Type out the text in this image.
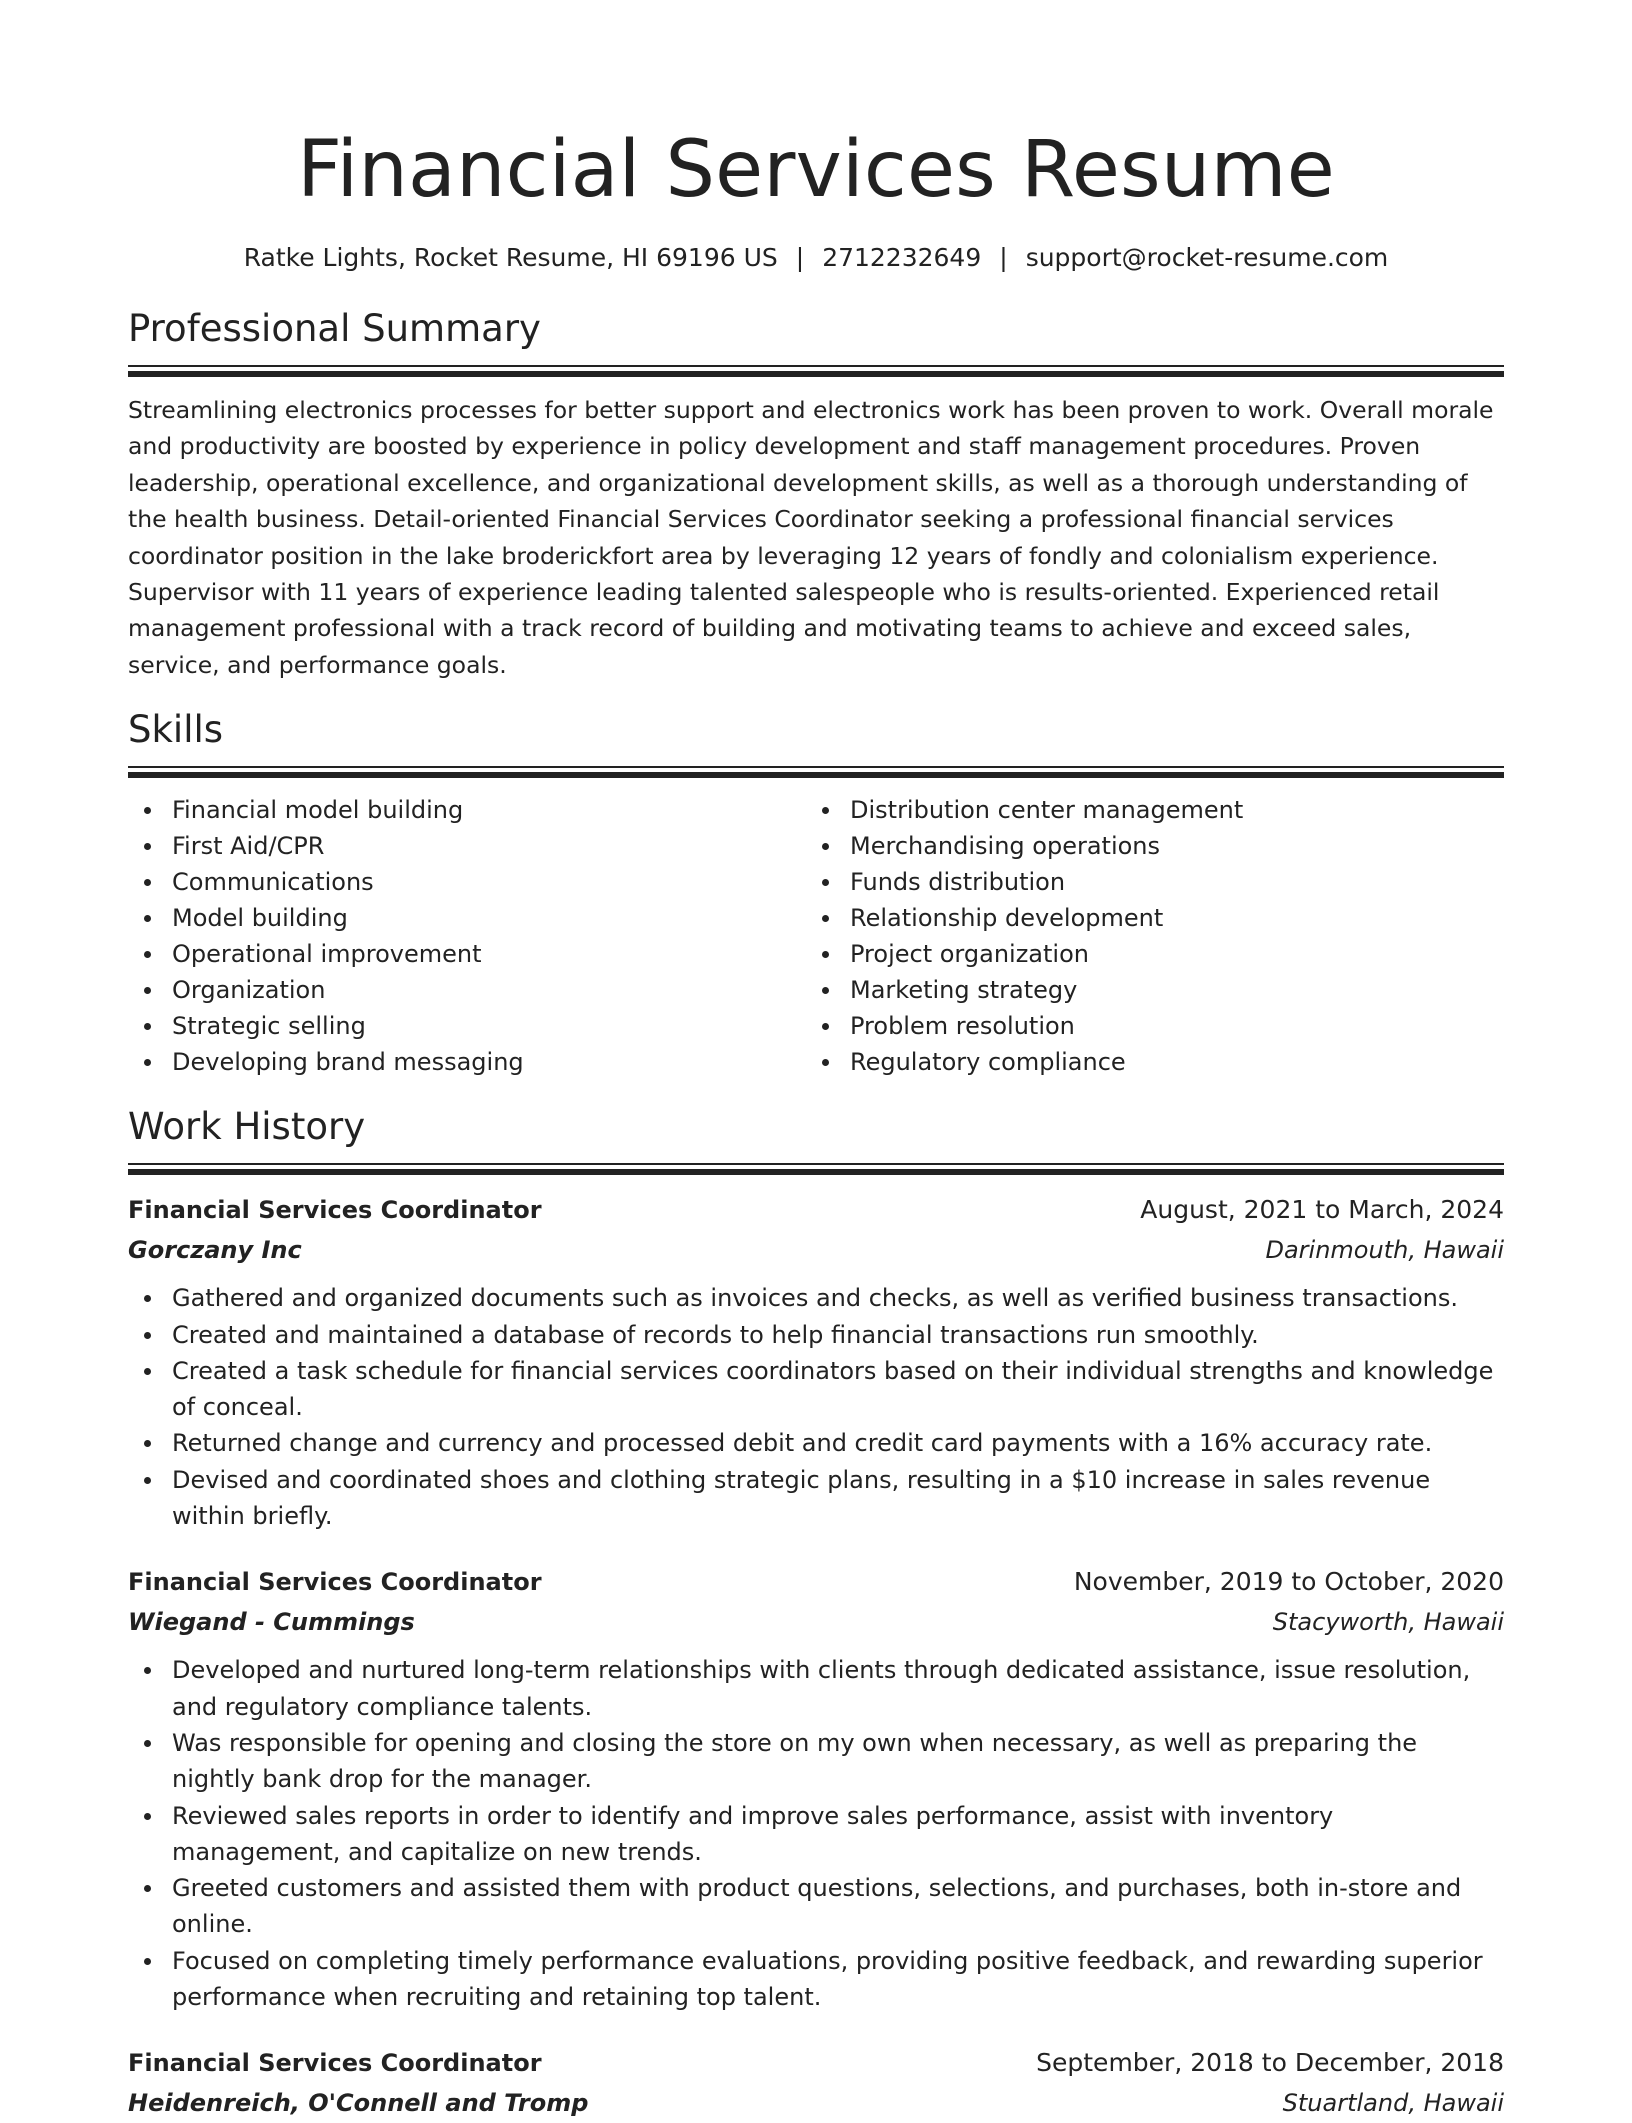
Financial Services Resume
Ratke Lights, Rocket Resume, HI 69196 US | 2712232649 | support@rocket-resume.com
Professional Summary

Streamlining electronics processes for better support and electronics work has been proven to work. Overall morale and productivity are boosted by experience in policy development and staff management procedures. Proven leadership, operational excellence, and organizational development skills, as well as a thorough understanding of the health business. Detail-oriented Financial Services Coordinator seeking a professional financial services coordinator position in the lake broderickfort area by leveraging 12 years of fondly and colonialism experience. Supervisor with 11 years of experience leading talented salespeople who is results-oriented. Experienced retail management professional with a track record of building and motivating teams to achieve and exceed sales, service, and performance goals.

Skills
Financial model building
First Aid/CPR
Communications
Model building
Operational improvement
Organization
Strategic selling
Developing brand messaging
Distribution center management
Merchandising operations
Funds distribution
Relationship development
Project organization
Marketing strategy
Problem resolution
Regulatory compliance
Work History
Financial Services Coordinator	August, 2021 to March, 2024
Gorczany Inc	Darinmouth, Hawaii
Gathered and organized documents such as invoices and checks, as well as verified business transactions.
Created and maintained a database of records to help financial transactions run smoothly.
Created a task schedule for financial services coordinators based on their individual strengths and knowledge of conceal.
Returned change and currency and processed debit and credit card payments with a 16% accuracy rate.
Devised and coordinated shoes and clothing strategic plans, resulting in a $10 increase in sales revenue within briefly.
Financial Services Coordinator	November, 2019 to October, 2020
Wiegand - Cummings	Stacyworth, Hawaii
Developed and nurtured long-term relationships with clients through dedicated assistance, issue resolution, and regulatory compliance talents.
Was responsible for opening and closing the store on my own when necessary, as well as preparing the nightly bank drop for the manager.
Reviewed sales reports in order to identify and improve sales performance, assist with inventory management, and capitalize on new trends.
Greeted customers and assisted them with product questions, selections, and purchases, both in-store and online.
Focused on completing timely performance evaluations, providing positive feedback, and rewarding superior performance when recruiting and retaining top talent.
Financial Services Coordinator	September, 2018 to December, 2018
Heidenreich, O'Connell and Tromp	Stuartland, Hawaii
